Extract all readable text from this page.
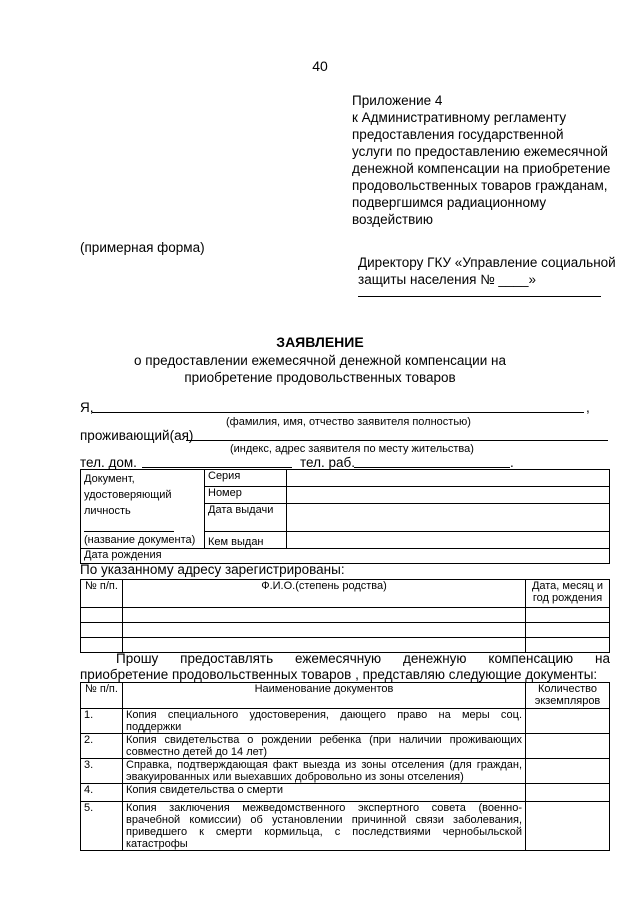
40
Приложение 4
к Административному регламенту
предоставления государственной
услуги по предоставлению ежемесячной
денежной компенсации на приобретение
продовольственных товаров гражданам,
подвергшимся радиационному
воздействию
(примерная форма)
Директору ГКУ «Управление социальной
защиты населения № ____»
ЗАЯВЛЕНИЕ
о предоставлении ежемесячной денежной компенсации на приобретение продовольственных товаров
Я,	,
(фамилия, имя, отчество заявителя полностью)
проживающий(ая)
(индекс, адрес заявителя по месту жительства)
тел. дом.	тел. раб.	.
Документ,
удостоверяющий
личность
(название документа)	Серия	
	Номер	
	Дата выдачи	
	Кем выдан	
Дата рождения		
По указанному адресу зарегистрированы:
№ п/п.	Ф.И.О.(степень родства)	Дата, месяц и год рождения

Прошу предоставлять ежемесячную денежную компенсацию на приобретение продовольственных товаров , представляю следующие документы:
№ п/п.	Наименование документов	Количество экземпляров
1.	Копия специального удостоверения, дающего право на меры соц. поддержки	
2.	Копия свидетельства о рождении ребенка (при наличии проживающих совместно детей до 14 лет)	
3.	Справка, подтверждающая факт выезда из зоны отселения (для граждан, эвакуированных или выехавших добровольно из зоны отселения)	
4.	Копия свидетельства о смерти	
5.	Копия заключения межведомственного экспертного совета (военно-врачебной комиссии) об установлении причинной связи заболевания, приведшего к смерти кормильца, с последствиями чернобыльской катастрофы	
